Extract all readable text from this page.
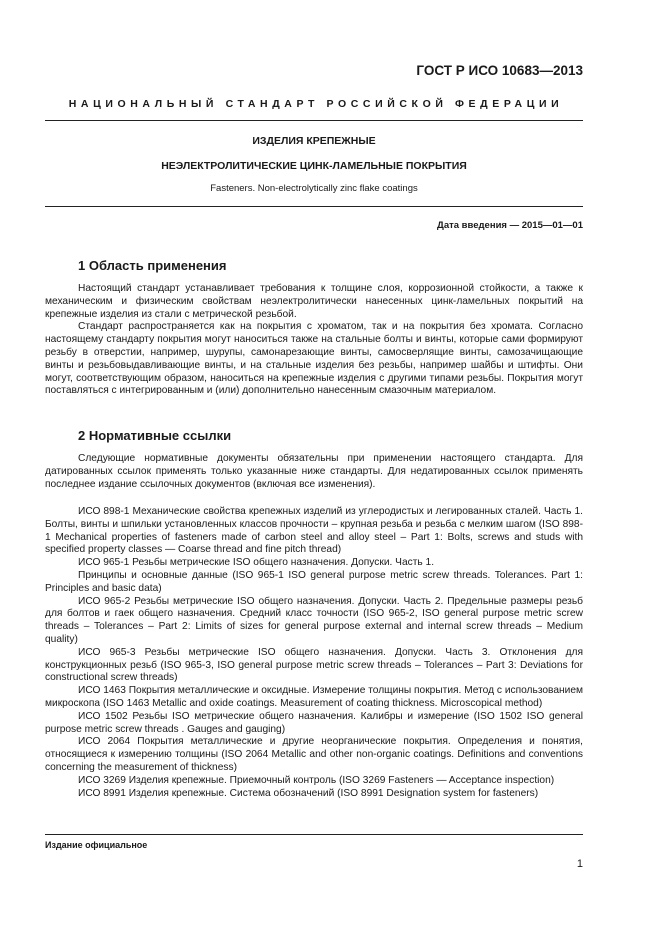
ГОСТ Р ИСО 10683—2013
НАЦИОНАЛЬНЫЙ СТАНДАРТ РОССИЙСКОЙ ФЕДЕРАЦИИ
ИЗДЕЛИЯ КРЕПЕЖНЫЕ
НЕЭЛЕКТРОЛИТИЧЕСКИЕ ЦИНК-ЛАМЕЛЬНЫЕ ПОКРЫТИЯ
Fasteners. Non-electrolytically zinc flake coatings
Дата введения — 2015—01—01
1 Область применения

Настоящий стандарт устанавливает требования к толщине слоя, коррозионной стойкости, а также к механическим и физическим свойствам неэлектролитически нанесенных цинк-ламельных покрытий на крепежные изделия из стали с метрической резьбой.

Стандарт распространяется как на покрытия с хроматом, так и на покрытия без хромата. Согласно настоящему стандарту покрытия могут наноситься также на стальные болты и винты, которые сами формируют резьбу в отверстии, например, шурупы, самонарезающие винты, самосверлящие винты, самозачищающие винты и резьбовыдавливающие винты, и на стальные изделия без резьбы, например шайбы и штифты. Они могут, соответствующим образом, наноситься на крепежные изделия с другими типами резьбы. Покрытия могут поставляться с интегрированным и (или) дополнительно нанесенным смазочным материалом.

2 Нормативные ссылки

Следующие нормативные документы обязательны при применении настоящего стандарта. Для датированных ссылок применять только указанные ниже стандарты. Для недатированных ссылок применять последнее издание ссылочных документов (включая все изменения).

ИСО 898-1 Механические свойства крепежных изделий из углеродистых и легированных сталей. Часть 1. Болты, винты и шпильки установленных классов прочности – крупная резьба и резьба с мелким шагом (ISO 898-1 Mechanical properties of fasteners made of carbon steel and alloy steel – Part 1: Bolts, screws and studs with specified property classes — Coarse thread and fine pitch thread)

ИСО 965-1 Резьбы метрические ISO общего назначения. Допуски. Часть 1.

Принципы и основные данные (ISO 965-1 ISO general purpose metric screw threads. Tolerances. Part 1: Principles and basic data)

ИСО 965-2 Резьбы метрические ISO общего назначения. Допуски. Часть 2. Предельные размеры резьб для болтов и гаек общего назначения. Средний класс точности (ISO 965-2, ISO general purpose metric screw threads – Tolerances – Part 2: Limits of sizes for general purpose external and internal screw threads – Medium quality)

ИСО 965-3 Резьбы метрические ISO общего назначения. Допуски. Часть 3. Отклонения для конструкционных резьб (ISO 965-3, ISO general purpose metric screw threads – Tolerances – Part 3: Deviations for constructional screw threads)

ИСО 1463 Покрытия металлические и оксидные. Измерение толщины покрытия. Метод с использованием микроскопа (ISO 1463 Metallic and oxide coatings. Measurement of coating thickness. Microscopical method)

ИСО 1502 Резьбы ISO метрические общего назначения. Калибры и измерение (ISO 1502 ISO general purpose metric screw threads . Gauges and gauging)

ИСО 2064 Покрытия металлические и другие неорганические покрытия. Определения и понятия, относящиеся к измерению толщины (ISO 2064 Metallic and other non-organic coatings. Definitions and conventions concerning the measurement of thickness)

ИСО 3269 Изделия крепежные. Приемочный контроль (ISO 3269 Fasteners — Acceptance inspection)

ИСО 8991 Изделия крепежные. Система обозначений (ISO 8991 Designation system for fasteners)

Издание официальное
1
